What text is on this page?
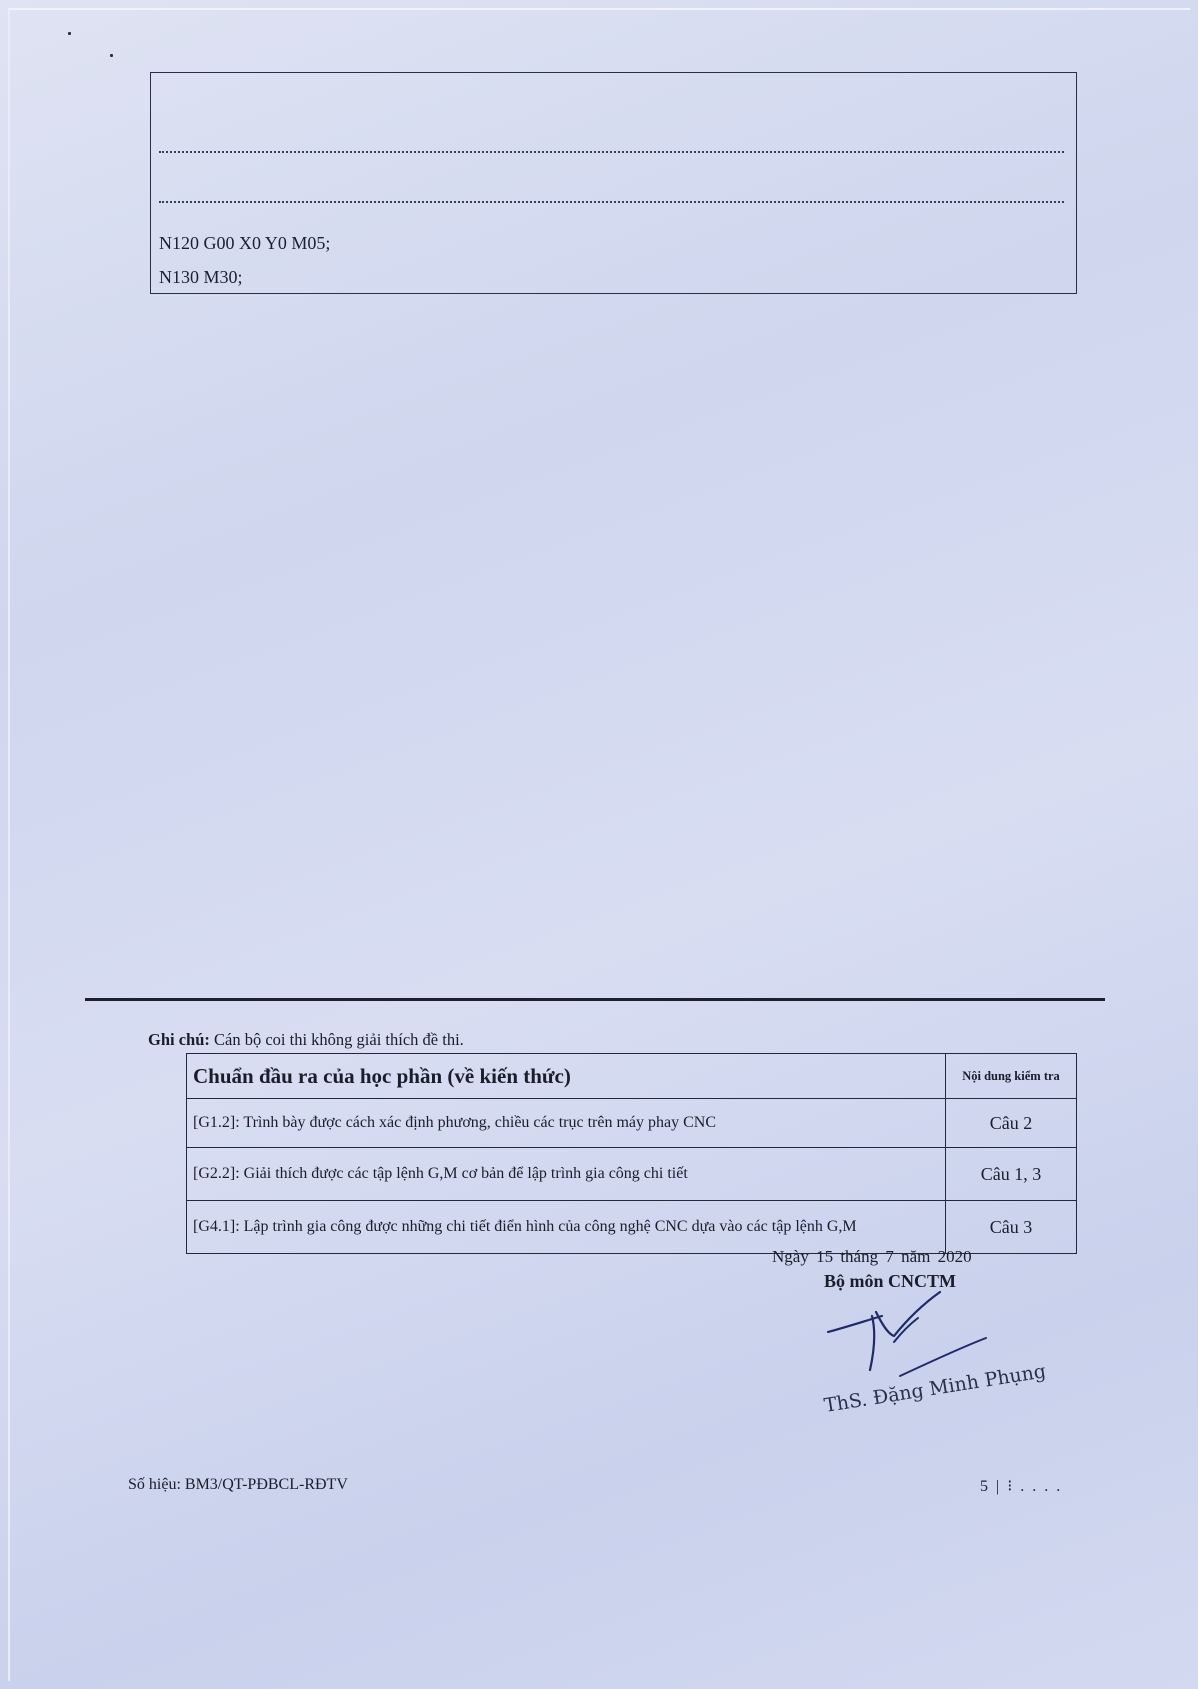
N120 G00 X0 Y0 M05;
N130 M30;
Ghi chú: Cán bộ coi thi không giải thích đề thi.
Chuẩn đầu ra của học phần (về kiến thức)	Nội dung kiểm tra
[G1.2]: Trình bày được cách xác định phương, chiều các trục trên máy phay CNC	Câu 2
[G2.2]: Giải thích được các tập lệnh G,M cơ bản để lập trình gia công chi tiết	Câu 1, 3
[G4.1]: Lập trình gia công được những chi tiết điển hình của công nghệ CNC dựa vào các tập lệnh G,M	Câu 3
Ngày 15 tháng 7 năm 2020
Bộ môn CNCTM
ThS. Đặng Minh Phụng
Số hiệu: BM3/QT-PĐBCL-RĐTV	5 | ⁝ . . . .
